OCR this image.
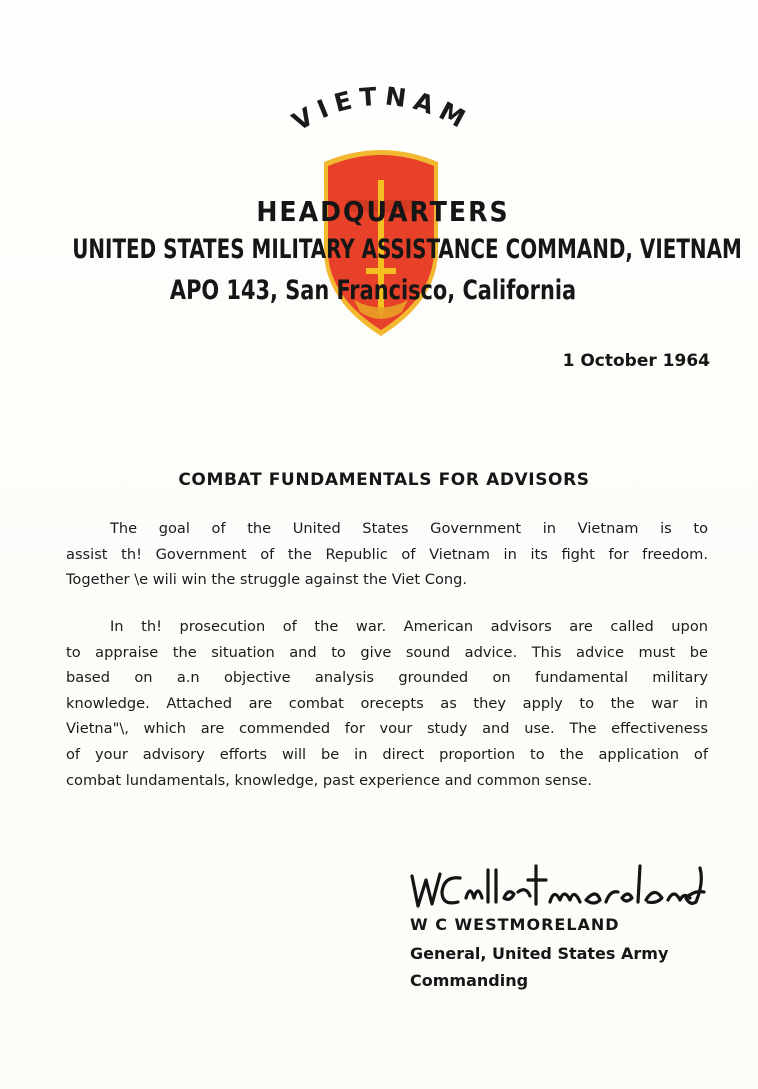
VIETNAM
HEADQUARTERS
UNITED STATES MILITARY ASSISTANCE COMMAND, VIETNAM
APO 143, San Francisco, California
1 October 1964
COMBAT FUNDAMENTALS FOR ADVISORS
The goal of the United States Government in Vietnam is to
assist th! Government of the Republic of Vietnam in its fight for freedom.
Together \e wili win the struggle against the Viet Cong.
In th! prosecution of the war. American advisors are called upon
to appraise the situation and to give sound advice. This advice must be
based on a.n objective analysis grounded on fundamental military
knowledge. Attached are combat orecepts as they apply to the war in
Vietna"\, which are commended for vour study and use. The effectiveness
of your advisory efforts will be in direct proportion to the application of
combat lundamentals, knowledge, past experience and common sense.
W C WESTMORELAND
General, United States Army
Commanding
